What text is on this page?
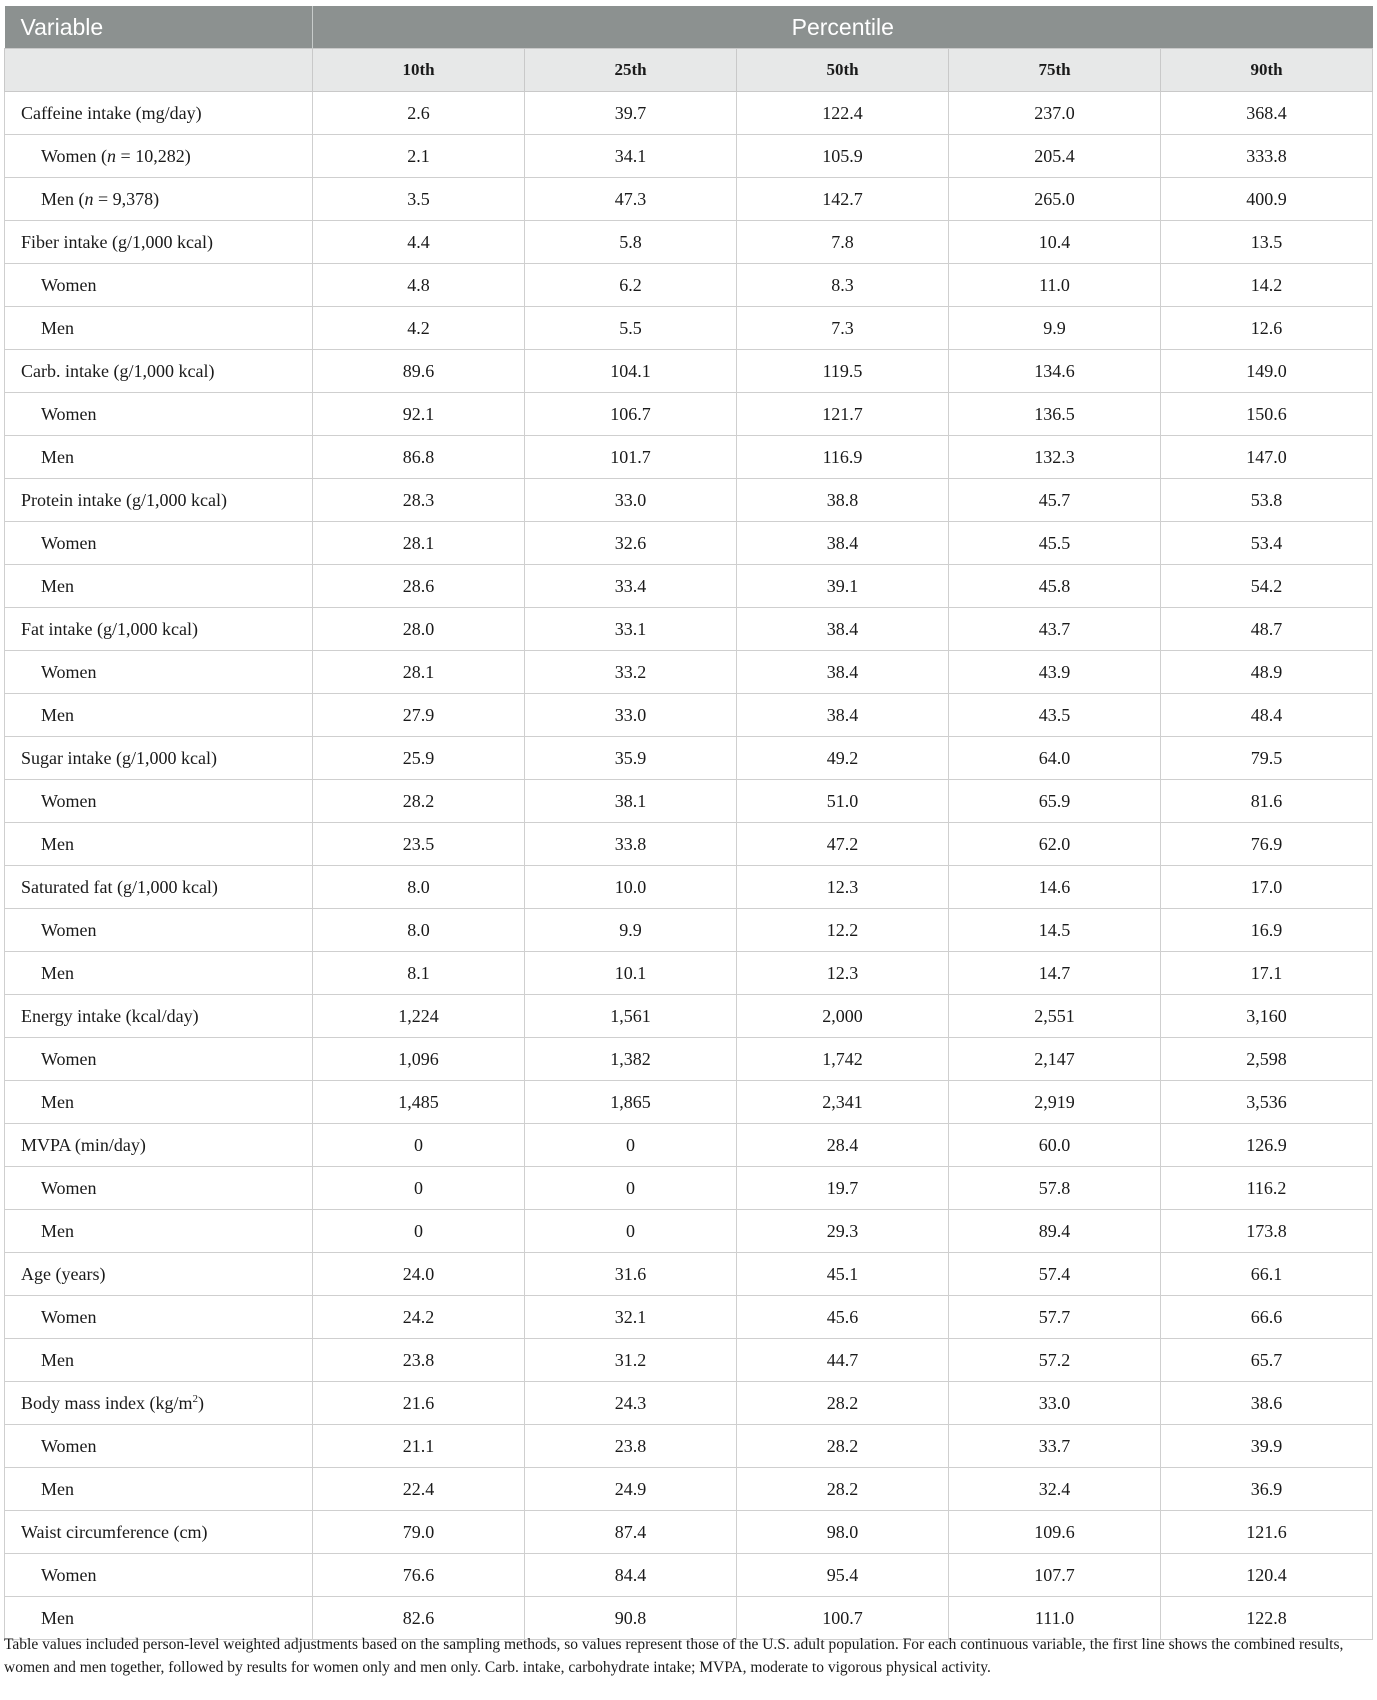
Variable	Percentile				
	10th	25th	50th	75th	90th
Caffeine intake (mg/day)	2.6	39.7	122.4	237.0	368.4
Women (n = 10,282)	2.1	34.1	105.9	205.4	333.8
Men (n = 9,378)	3.5	47.3	142.7	265.0	400.9
Fiber intake (g/1,000 kcal)	4.4	5.8	7.8	10.4	13.5
Women	4.8	6.2	8.3	11.0	14.2
Men	4.2	5.5	7.3	9.9	12.6
Carb. intake (g/1,000 kcal)	89.6	104.1	119.5	134.6	149.0
Women	92.1	106.7	121.7	136.5	150.6
Men	86.8	101.7	116.9	132.3	147.0
Protein intake (g/1,000 kcal)	28.3	33.0	38.8	45.7	53.8
Women	28.1	32.6	38.4	45.5	53.4
Men	28.6	33.4	39.1	45.8	54.2
Fat intake (g/1,000 kcal)	28.0	33.1	38.4	43.7	48.7
Women	28.1	33.2	38.4	43.9	48.9
Men	27.9	33.0	38.4	43.5	48.4
Sugar intake (g/1,000 kcal)	25.9	35.9	49.2	64.0	79.5
Women	28.2	38.1	51.0	65.9	81.6
Men	23.5	33.8	47.2	62.0	76.9
Saturated fat (g/1,000 kcal)	8.0	10.0	12.3	14.6	17.0
Women	8.0	9.9	12.2	14.5	16.9
Men	8.1	10.1	12.3	14.7	17.1
Energy intake (kcal/day)	1,224	1,561	2,000	2,551	3,160
Women	1,096	1,382	1,742	2,147	2,598
Men	1,485	1,865	2,341	2,919	3,536
MVPA (min/day)	0	0	28.4	60.0	126.9
Women	0	0	19.7	57.8	116.2
Men	0	0	29.3	89.4	173.8
Age (years)	24.0	31.6	45.1	57.4	66.1
Women	24.2	32.1	45.6	57.7	66.6
Men	23.8	31.2	44.7	57.2	65.7
Body mass index $(kg/m^2)$	21.6	24.3	28.2	33.0	38.6
Women	21.1	23.8	28.2	33.7	39.9
Men	22.4	24.9	28.2	32.4	36.9
Waist circumference (cm)	79.0	87.4	98.0	109.6	121.6
Women	76.6	84.4	95.4	107.7	120.4
Men	82.6	90.8	100.7	111.0	122.8
Table values included person-level weighted adjustments based on the sampling methods, so values represent those of the U.S. adult population. For each continuous variable, the first line shows the combined results, women and men together, followed by results for women only and men only. Carb. intake, carbohydrate intake; MVPA, moderate to vigorous physical activity.
